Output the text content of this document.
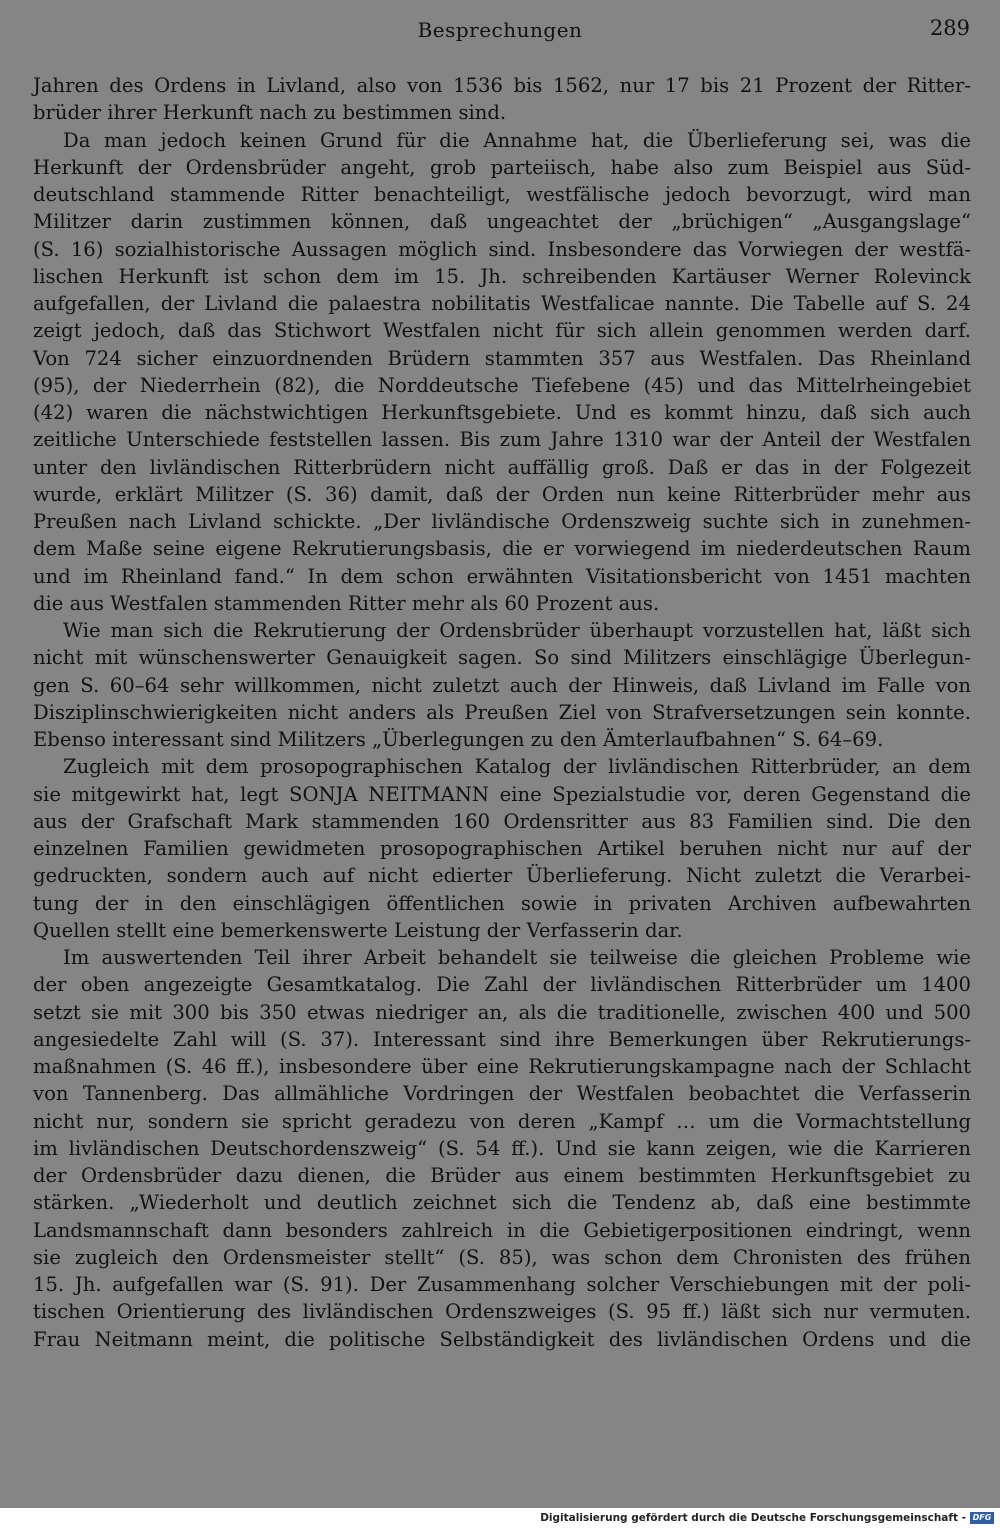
Besprechungen	289
Jahren des Ordens in Livland, also von 1536 bis 1562, nur 17 bis 21 Prozent der Ritter-
brüder ihrer Herkunft nach zu bestimmen sind.
Da man jedoch keinen Grund für die Annahme hat, die Überlieferung sei, was die
Herkunft der Ordensbrüder angeht, grob parteiisch, habe also zum Beispiel aus Süd-
deutschland stammende Ritter benachteiligt, westfälische jedoch bevorzugt, wird man
Militzer darin zustimmen können, daß ungeachtet der „brüchigen“ „Ausgangslage“
(S. 16) sozialhistorische Aussagen möglich sind. Insbesondere das Vorwiegen der westfä-
lischen Herkunft ist schon dem im 15. Jh. schreibenden Kartäuser Werner Rolevinck
aufgefallen, der Livland die palaestra nobilitatis Westfalicae nannte. Die Tabelle auf S. 24
zeigt jedoch, daß das Stichwort Westfalen nicht für sich allein genommen werden darf.
Von 724 sicher einzuordnenden Brüdern stammten 357 aus Westfalen. Das Rheinland
(95), der Niederrhein (82), die Norddeutsche Tiefebene (45) und das Mittelrheingebiet
(42) waren die nächstwichtigen Herkunftsgebiete. Und es kommt hinzu, daß sich auch
zeitliche Unterschiede feststellen lassen. Bis zum Jahre 1310 war der Anteil der Westfalen
unter den livländischen Ritterbrüdern nicht auffällig groß. Daß er das in der Folgezeit
wurde, erklärt Militzer (S. 36) damit, daß der Orden nun keine Ritterbrüder mehr aus
Preußen nach Livland schickte. „Der livländische Ordenszweig suchte sich in zunehmen-
dem Maße seine eigene Rekrutierungsbasis, die er vorwiegend im niederdeutschen Raum
und im Rheinland fand.“ In dem schon erwähnten Visitationsbericht von 1451 machten
die aus Westfalen stammenden Ritter mehr als 60 Prozent aus.
Wie man sich die Rekrutierung der Ordensbrüder überhaupt vorzustellen hat, läßt sich
nicht mit wünschenswerter Genauigkeit sagen. So sind Militzers einschlägige Überlegun-
gen S. 60–64 sehr willkommen, nicht zuletzt auch der Hinweis, daß Livland im Falle von
Disziplinschwierigkeiten nicht anders als Preußen Ziel von Strafversetzungen sein konnte.
Ebenso interessant sind Militzers „Überlegungen zu den Ämterlaufbahnen“ S. 64–69.
Zugleich mit dem prosopographischen Katalog der livländischen Ritterbrüder, an dem
sie mitgewirkt hat, legt SONJA NEITMANN eine Spezialstudie vor, deren Gegenstand die
aus der Grafschaft Mark stammenden 160 Ordensritter aus 83 Familien sind. Die den
einzelnen Familien gewidmeten prosopographischen Artikel beruhen nicht nur auf der
gedruckten, sondern auch auf nicht edierter Überlieferung. Nicht zuletzt die Verarbei-
tung der in den einschlägigen öffentlichen sowie in privaten Archiven aufbewahrten
Quellen stellt eine bemerkenswerte Leistung der Verfasserin dar.
Im auswertenden Teil ihrer Arbeit behandelt sie teilweise die gleichen Probleme wie
der oben angezeigte Gesamtkatalog. Die Zahl der livländischen Ritterbrüder um 1400
setzt sie mit 300 bis 350 etwas niedriger an, als die traditionelle, zwischen 400 und 500
angesiedelte Zahl will (S. 37). Interessant sind ihre Bemerkungen über Rekrutierungs-
maßnahmen (S. 46 ff.), insbesondere über eine Rekrutierungskampagne nach der Schlacht
von Tannenberg. Das allmähliche Vordringen der Westfalen beobachtet die Verfasserin
nicht nur, sondern sie spricht geradezu von deren „Kampf … um die Vormachtstellung
im livländischen Deutschordenszweig“ (S. 54 ff.). Und sie kann zeigen, wie die Karrieren
der Ordensbrüder dazu dienen, die Brüder aus einem bestimmten Herkunftsgebiet zu
stärken. „Wiederholt und deutlich zeichnet sich die Tendenz ab, daß eine bestimmte
Landsmannschaft dann besonders zahlreich in die Gebietigerpositionen eindringt, wenn
sie zugleich den Ordensmeister stellt“ (S. 85), was schon dem Chronisten des frühen
15. Jh. aufgefallen war (S. 91). Der Zusammenhang solcher Verschiebungen mit der poli-
tischen Orientierung des livländischen Ordenszweiges (S. 95 ff.) läßt sich nur vermuten.
Frau Neitmann meint, die politische Selbständigkeit des livländischen Ordens und die
Digitalisierung gefördert durch die Deutsche Forschungsgemeinschaft - DFG
